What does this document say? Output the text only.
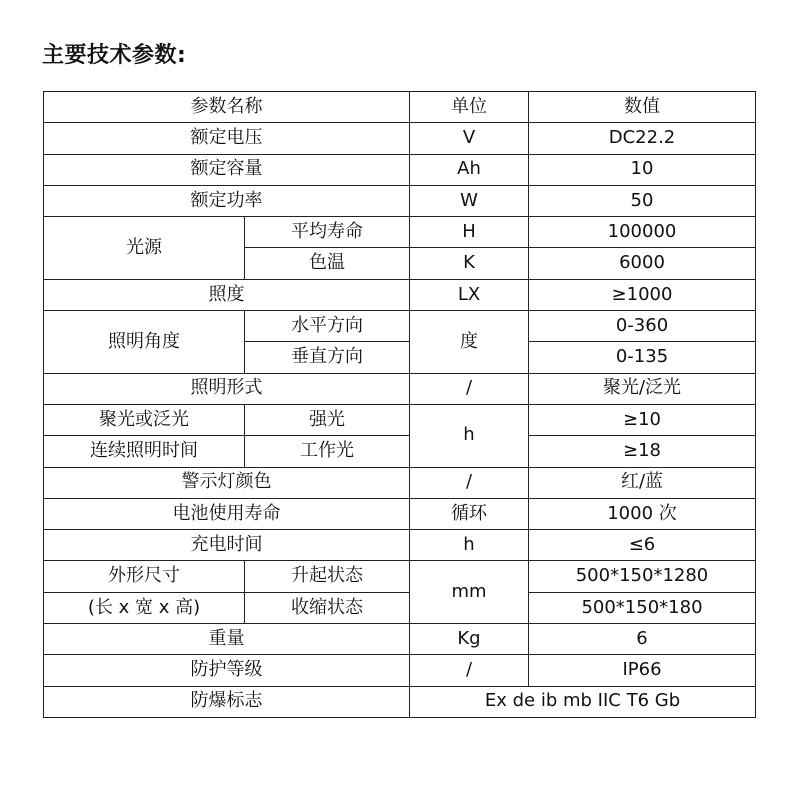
主要技术参数:
参数名称		单位	数值
额定电压		V	DC22.2
额定容量		Ah	10
额定功率		W	50
光源	平均寿命	H	100000
	色温	K	6000
照度		LX	≥1000
照明角度	水平方向	度	0-360
	垂直方向		0-135
照明形式		/	聚光/泛光
聚光或泛光	强光	h	≥10
连续照明时间	工作光		≥18
警示灯颜色		/	红/蓝
电池使用寿命		循环	1000 次
充电时间		h	≤6
外形尺寸	升起状态	mm	500*150*1280
(长 x 宽 x 高)	收缩状态		500*150*180
重量		Kg	6
防护等级		/	IP66
防爆标志		Ex de ib mb IIC T6 Gb	
